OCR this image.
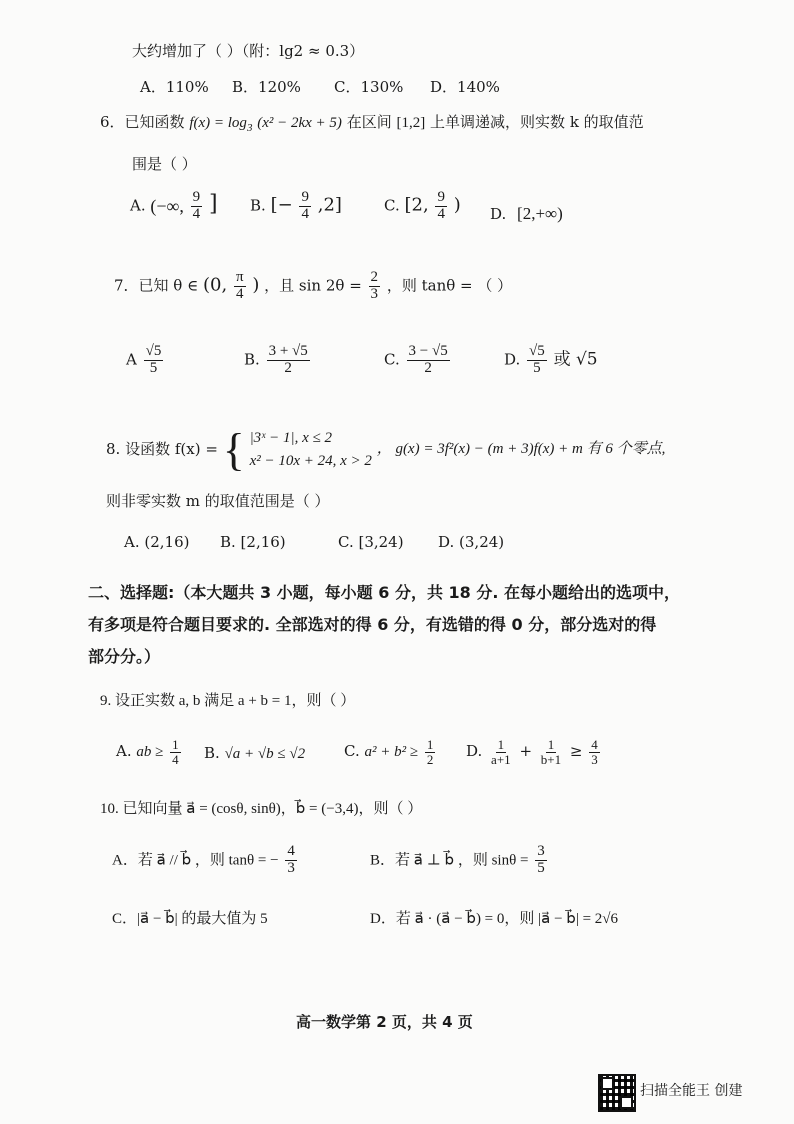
大约增加了（ ）（附：lg2 ≈ 0.3）
A．110% B．120% C．130% D．140%
6．已知函数 $f(x) = \log_3 (x^2 - 2kx + 5)$ 在区间 [1,2] 上单调递减，则实数 k 的取值范
围是（ ）
A. (−∞, $\frac{9}{4}$ ] B. [− $\frac{9}{4} ,2$]	C. [2, $\frac{9}{4}$ ) D. [2,+∞)
7．已知 θ ∈ (0, $\frac{\pi}{4}$ ) ，且 $\sin 2\theta = \frac{2}{3}$ ，则 tanθ = （ ）
A $\frac{√5}{5}$	B. $\frac{3 + √5}{2}$	C. $\frac{3 - √5}{2}$	D. $\frac{√5}{5}$ 或 √5
8. 设函数 f(x) = { |3ˣ − 1|, x ≤ 2
x² − 10x + 24, x > 2
， g(x) = 3f²(x) − (m + 3)f(x) + m 有 6 个零点,
则非零实数 m 的取值范围是（ ）
A. (2,16) B. [2,16)	C. [3,24) D. (3,24)
二、选择题:（本大题共 3 小题，每小题 6 分，共 18 分. 在每小题给出的选项中，
有多项是符合题目要求的. 全部选对的得 6 分，有选错的得 0 分，部分选对的得
部分分。）
9. 设正实数 a, b 满足 a + b = 1，则（ ）
A. ab ≥ $\frac{1}{4} B$. √a + √b ≤ √2	C. $a^2 + b^2 \ge \frac{1}{2} D$. $\frac{1}{a+1} + \frac{1}{b+1} \ge \frac{4}{3}$
10. 已知向量 a⃗ = (cosθ, sinθ)，b⃗ = (−3,4)，则（ ）
A．若 a⃗ // b⃗ ，则 tanθ = − $\frac{4}{3}$	B．若 a⃗ ⊥ b⃗ ，则 $\sin\theta = \frac{3}{5}$
C．|a⃗ − b⃗| 的最大值为 5	D．若 a⃗ · (a⃗ − b⃗) = 0，则 |a⃗ − b⃗| = 2√6
高一数学第 2 页，共 4 页
扫描全能王 创建
